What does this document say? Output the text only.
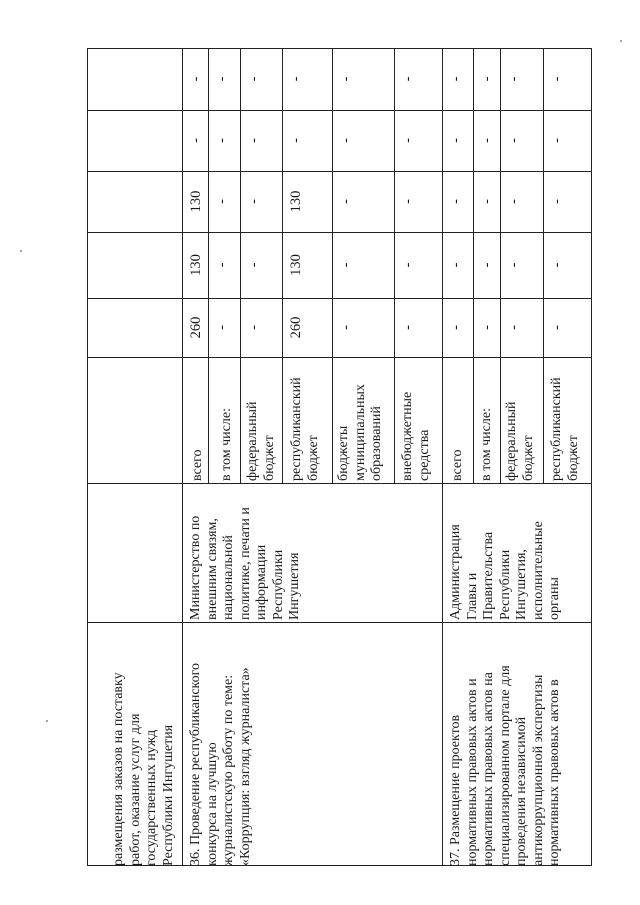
размещения заказов на поставку
работ, оказание услуг для
государственных нужд
Республики Ингушетия
36. Проведение республиканского
конкурса на лучшую
журналистскую работу по теме:
«Коррупция: взгляд журналиста»
Министерство по
внешним связям,
национальной
политике, печати и
информации
Республики
Ингушетия
всего в том числе: федеральный
бюджет республиканский
бюджет	бюджеты
муниципальных
образований	внебюджетные
средства
260
130
130
-
-
-
-
-
-
-
-
-
-
-
-
260
130
130
-
-
-
-
-
-
-
-
-
-
-
-
37. Размещение проектов
нормативных правовых актов и
нормативных правовых актов на
специализированном портале для
проведения независимой
антикоррупционной экспертизы
нормативных правовых актов в
Администрация
Главы и
Правительства
Республики
Ингушетия,
исполнительные
органы
всего в том числе: федеральный
бюджет республиканский
бюджет
-
-
-
-
-
-
-
-
-
-
-
-
-
-
-
-
-
-
-
-
